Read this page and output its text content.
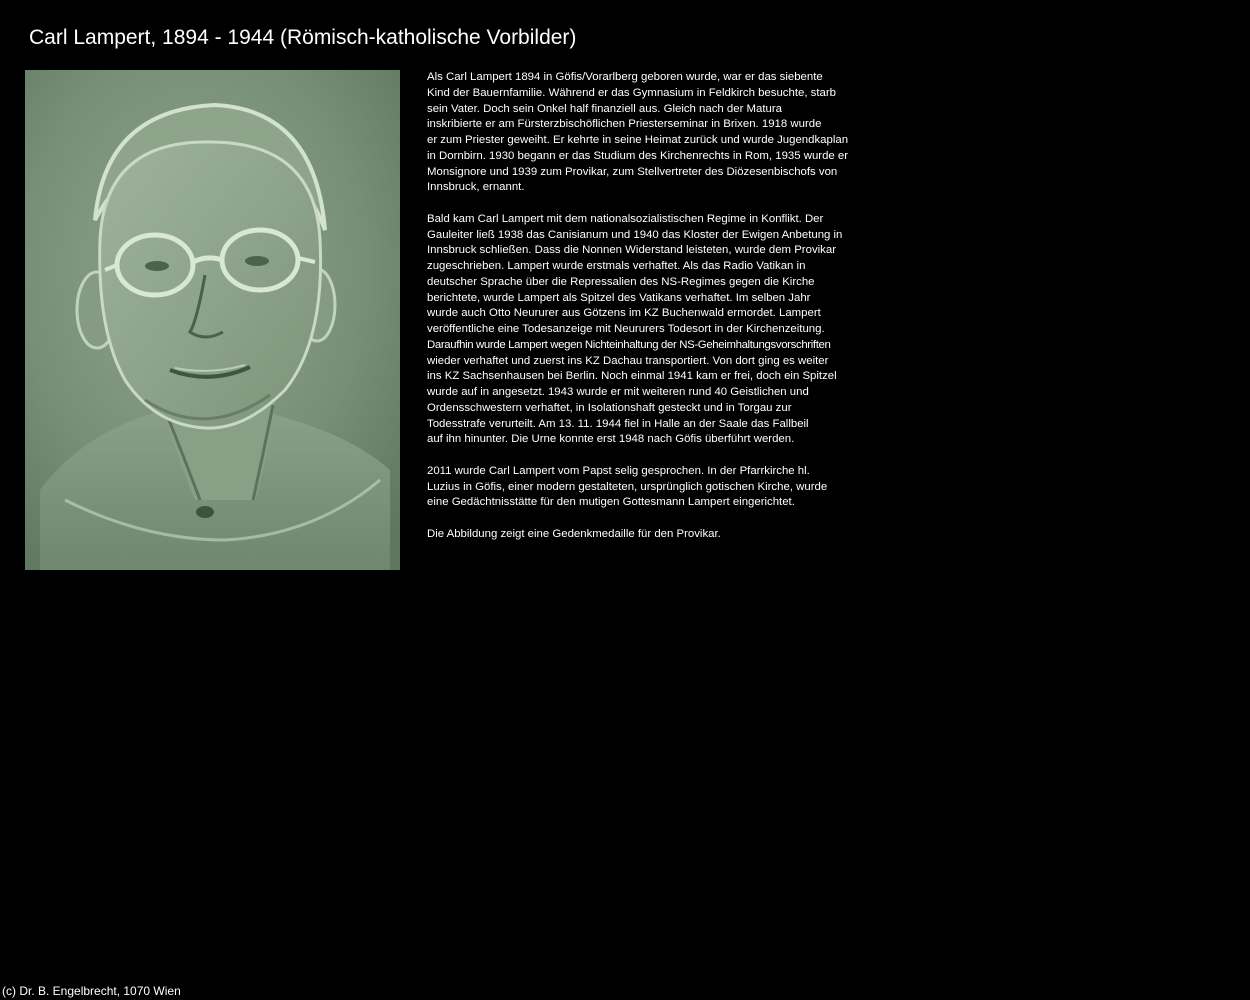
Carl Lampert, 1894 - 1944 (Römisch-katholische Vorbilder)

Als Carl Lampert 1894 in Göfis/Vorarlberg geboren wurde, war er das siebente
Kind der Bauernfamilie. Während er das Gymnasium in Feldkirch besuchte, starb
sein Vater. Doch sein Onkel half finanziell aus. Gleich nach der Matura
inskribierte er am Fürsterzbischöflichen Priesterseminar in Brixen. 1918 wurde
er zum Priester geweiht. Er kehrte in seine Heimat zurück und wurde Jugendkaplan
in Dornbirn. 1930 begann er das Studium des Kirchenrechts in Rom, 1935 wurde er
Monsignore und 1939 zum Provikar, zum Stellvertreter des Diözesenbischofs von
Innsbruck, ernannt.

Bald kam Carl Lampert mit dem nationalsozialistischen Regime in Konflikt. Der
Gauleiter ließ 1938 das Canisianum und 1940 das Kloster der Ewigen Anbetung in
Innsbruck schließen. Dass die Nonnen Widerstand leisteten, wurde dem Provikar
zugeschrieben. Lampert wurde erstmals verhaftet. Als das Radio Vatikan in
deutscher Sprache über die Repressalien des NS-Regimes gegen die Kirche
berichtete, wurde Lampert als Spitzel des Vatikans verhaftet. Im selben Jahr
wurde auch Otto Neururer aus Götzens im KZ Buchenwald ermordet. Lampert
veröffentliche eine Todesanzeige mit Neururers Todesort in der Kirchenzeitung.
Daraufhin wurde Lampert wegen Nichteinhaltung der NS-Geheimhaltungsvorschriften
wieder verhaftet und zuerst ins KZ Dachau transportiert. Von dort ging es weiter
ins KZ Sachsenhausen bei Berlin. Noch einmal 1941 kam er frei, doch ein Spitzel
wurde auf in angesetzt. 1943 wurde er mit weiteren rund 40 Geistlichen und
Ordensschwestern verhaftet, in Isolationshaft gesteckt und in Torgau zur
Todesstrafe verurteilt. Am 13. 11. 1944 fiel in Halle an der Saale das Fallbeil
auf ihn hinunter. Die Urne konnte erst 1948 nach Göfis überführt werden.

2011 wurde Carl Lampert vom Papst selig gesprochen. In der Pfarrkirche hl.
Luzius in Göfis, einer modern gestalteten, ursprünglich gotischen Kirche, wurde
eine Gedächtnisstätte für den mutigen Gottesmann Lampert eingerichtet.

Die Abbildung zeigt eine Gedenkmedaille für den Provikar.

(c) Dr. B. Engelbrecht, 1070 Wien
